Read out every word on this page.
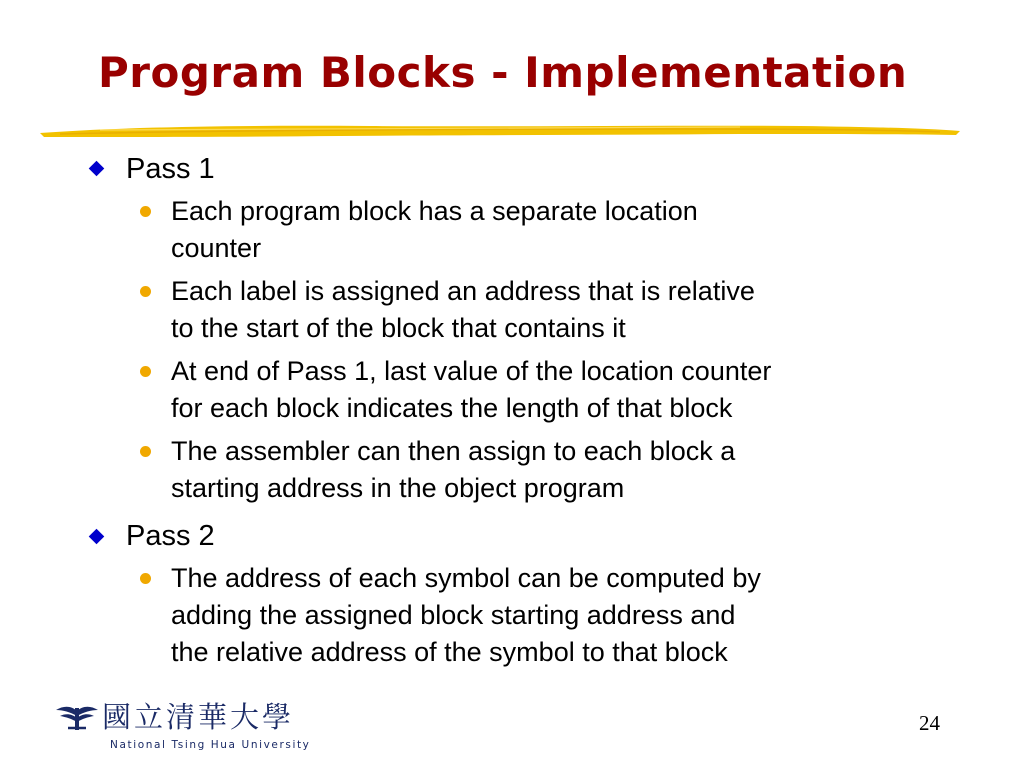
Program Blocks - Implementation

Pass 1

Each program block has a separate location
counter

Each label is assigned an address that is relative
to the start of the block that contains it

At end of Pass 1, last value of the location counter
for each block indicates the length of that block

The assembler can then assign to each block a
starting address in the object program

Pass 2

The address of each symbol can be computed by
adding the assigned block starting address and
the relative address of the symbol to that block

國立清華大學

National Tsing Hua University

24
